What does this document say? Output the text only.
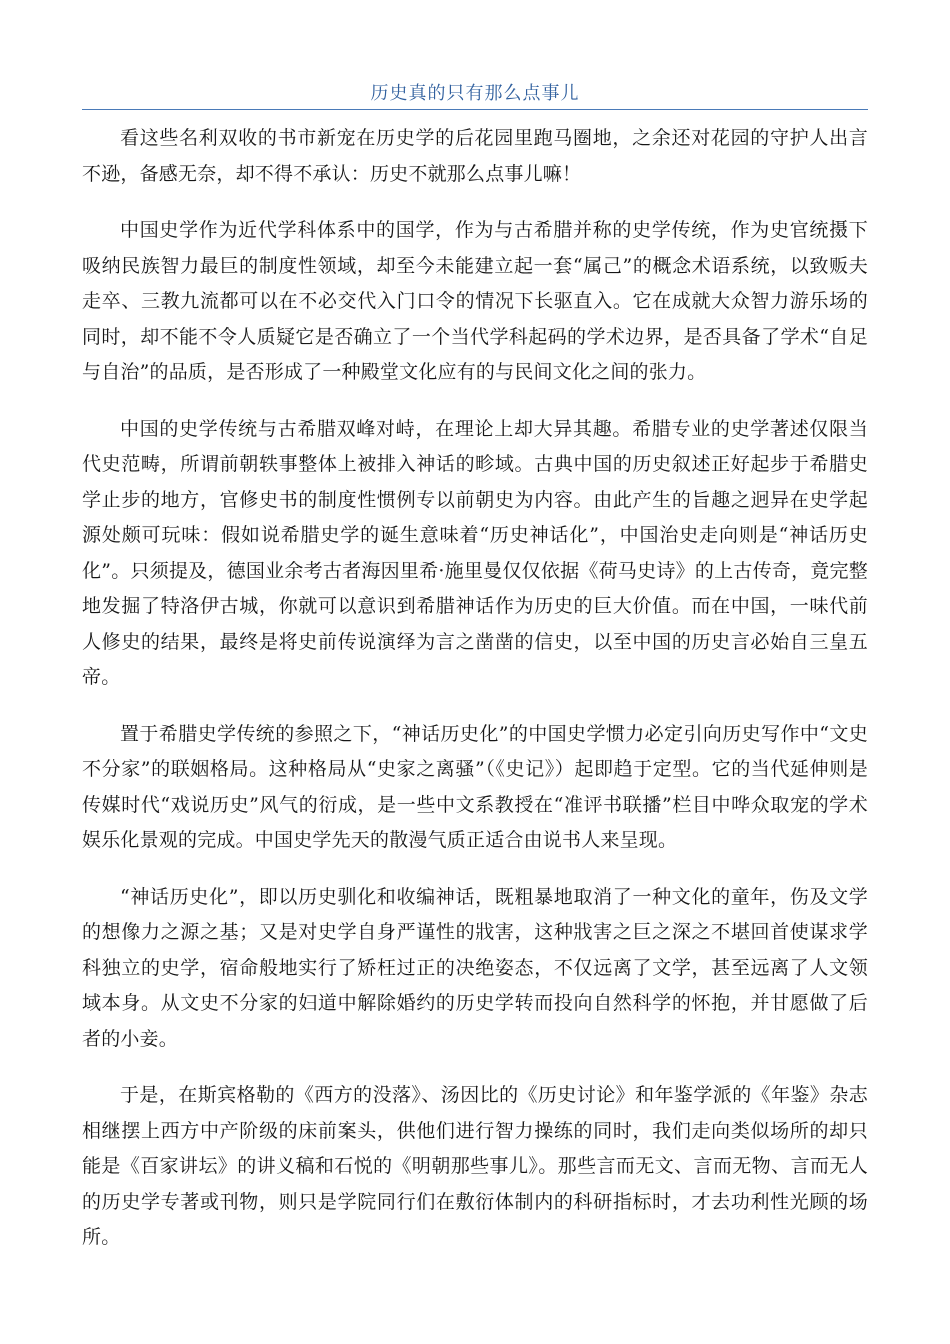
历史真的只有那么点事儿

看这些名利双收的书市新宠在历史学的后花园里跑马圈地，之余还对花园的守护人出言不逊，备感无奈，却不得不承认：历史不就那么点事儿嘛！

中国史学作为近代学科体系中的国学，作为与古希腊并称的史学传统，作为史官统摄下吸纳民族智力最巨的制度性领域，却至今未能建立起一套“属己”的概念术语系统，以致贩夫走卒、三教九流都可以在不必交代入门口令的情况下长驱直入。它在成就大众智力游乐场的同时，却不能不令人质疑它是否确立了一个当代学科起码的学术边界，是否具备了学术“自足与自治”的品质，是否形成了一种殿堂文化应有的与民间文化之间的张力。

中国的史学传统与古希腊双峰对峙，在理论上却大异其趣。希腊专业的史学著述仅限当代史范畴，所谓前朝轶事整体上被排入神话的畛域。古典中国的历史叙述正好起步于希腊史学止步的地方，官修史书的制度性惯例专以前朝史为内容。由此产生的旨趣之迥异在史学起源处颇可玩味：假如说希腊史学的诞生意味着“历史神话化”，中国治史走向则是“神话历史化”。只须提及，德国业余考古者海因里希·施里曼仅仅依据《荷马史诗》的上古传奇，竟完整地发掘了特洛伊古城，你就可以意识到希腊神话作为历史的巨大价值。而在中国，一味代前人修史的结果，最终是将史前传说演绎为言之凿凿的信史，以至中国的历史言必始自三皇五帝。

置于希腊史学传统的参照之下，“神话历史化”的中国史学惯力必定引向历史写作中“文史不分家”的联姻格局。这种格局从“史家之离骚”（《史记》）起即趋于定型。它的当代延伸则是传媒时代“戏说历史”风气的衍成，是一些中文系教授在“准评书联播”栏目中哗众取宠的学术娱乐化景观的完成。中国史学先天的散漫气质正适合由说书人来呈现。

“神话历史化”，即以历史驯化和收编神话，既粗暴地取消了一种文化的童年，伤及文学的想像力之源之基；又是对史学自身严谨性的戕害，这种戕害之巨之深之不堪回首使谋求学科独立的史学，宿命般地实行了矫枉过正的决绝姿态，不仅远离了文学，甚至远离了人文领域本身。从文史不分家的妇道中解除婚约的历史学转而投向自然科学的怀抱，并甘愿做了后者的小妾。

于是，在斯宾格勒的《西方的没落》、汤因比的《历史讨论》和年鉴学派的《年鉴》杂志相继摆上西方中产阶级的床前案头，供他们进行智力操练的同时，我们走向类似场所的却只能是《百家讲坛》的讲义稿和石悦的《明朝那些事儿》。那些言而无文、言而无物、言而无人的历史学专著或刊物，则只是学院同行们在敷衍体制内的科研指标时，才去功利性光顾的场所。
